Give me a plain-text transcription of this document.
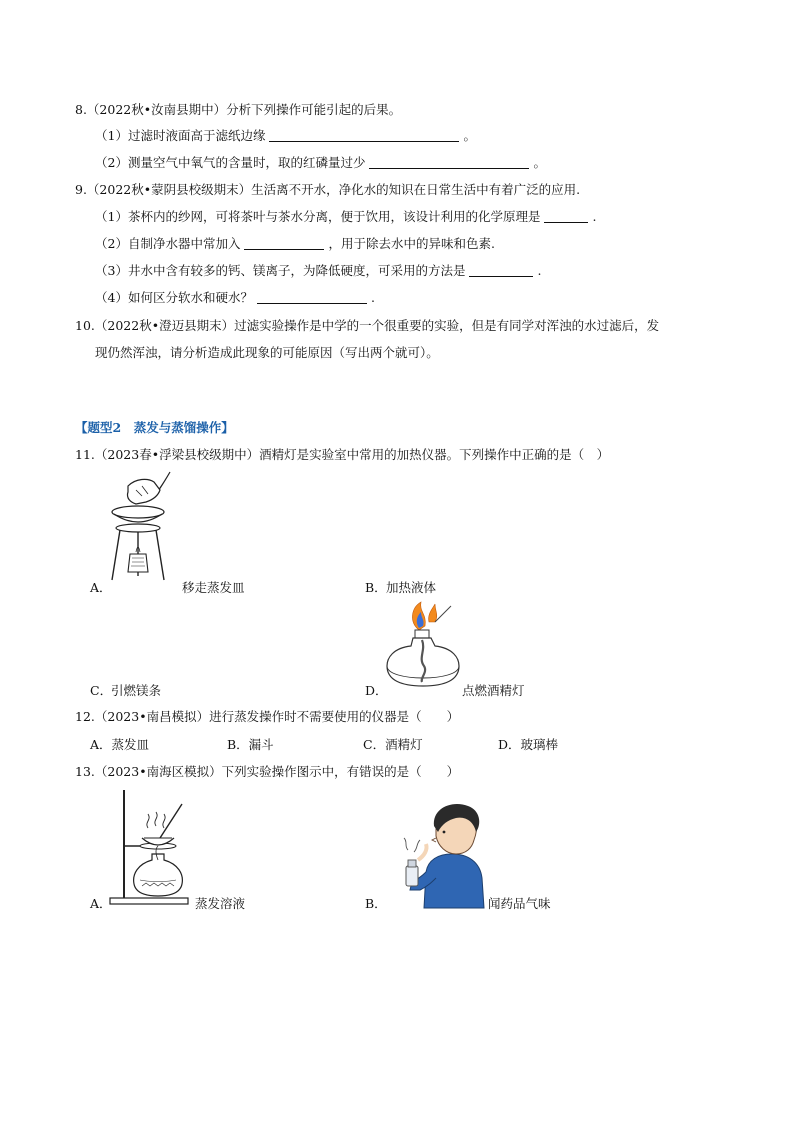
8.（2022秋•汝南县期中）分析下列操作可能引起的后果。
（1）过滤时液面高于滤纸边缘	。
（2）测量空气中氧气的含量时，取的红磷量过少	。
9.（2022秋•蒙阴县校级期末）生活离不开水，净化水的知识在日常生活中有着广泛的应用.
（1）茶杯内的纱网，可将茶叶与茶水分离，便于饮用，该设计利用的化学原理是	.
（2）自制净水器中常加入	，用于除去水中的异味和色素.
（3）井水中含有较多的钙、镁离子，为降低硬度，可采用的方法是	.
（4）如何区分软水和硬水？	.
10.（2022秋•澄迈县期末）过滤实验操作是中学的一个很重要的实验，但是有同学对浑浊的水过滤后，发
现仍然浑浊，请分析造成此现象的可能原因（写出两个就可）。
【题型2　蒸发与蒸馏操作】
11.（2023春•浮梁县校级期中）酒精灯是实验室中常用的加热仪器。下列操作中正确的是（　）
A．	移走蒸发皿	B． 加热液体
C．
引燃镁条	D．	点燃酒精灯
12.（2023•南昌模拟）进行蒸发操作时不需要使用的仪器是（　　）
A．蒸发皿	B．漏斗	C．酒精灯	D．玻璃棒
13.（2023•南海区模拟）下列实验操作图示中，有错误的是（　　）
A．	蒸发溶液	B．	闻药品气味
